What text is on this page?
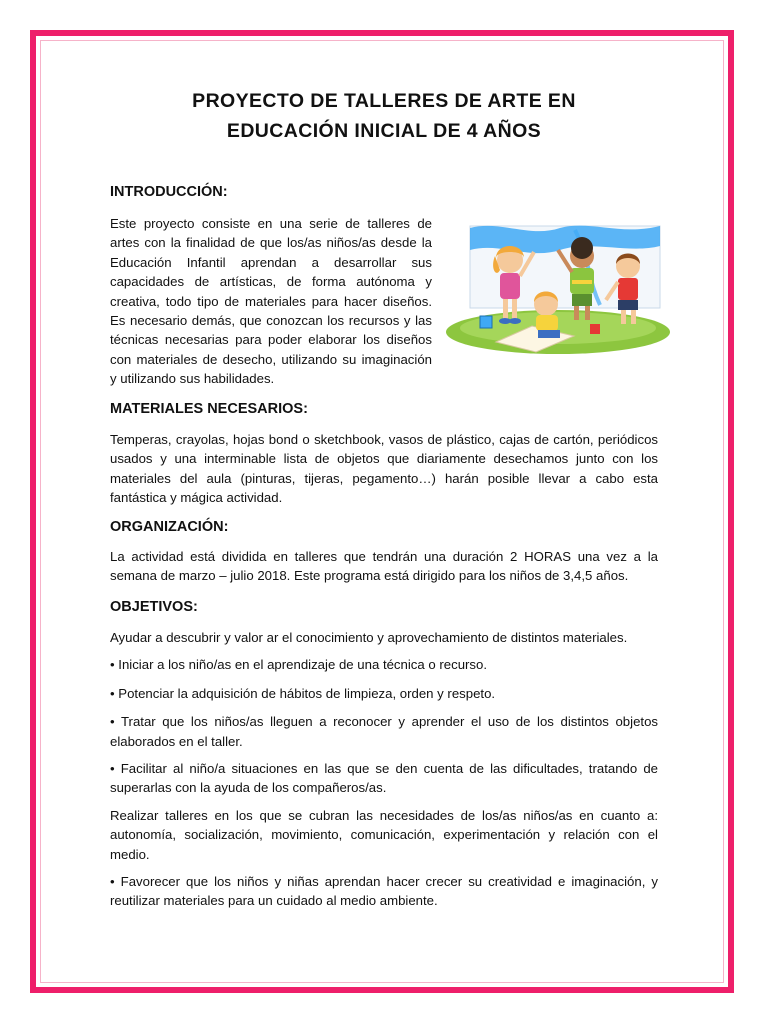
PROYECTO DE TALLERES DE ARTE EN
EDUCACIÓN INICIAL DE 4 AÑOS
INTRODUCCIÓN:

Este proyecto consiste en una serie de talleres de artes con la finalidad de que los/as niños/as desde la Educación Infantil aprendan a desarrollar sus capacidades de artísticas, de forma autónoma y creativa, todo tipo de materiales para hacer diseños. Es necesario demás, que conozcan los recursos y las técnicas necesarias para poder elaborar los diseños con materiales de desecho, utilizando su imaginación y utilizando sus habilidades.

MATERIALES NECESARIOS:

Temperas, crayolas, hojas bond o sketchbook, vasos de plástico, cajas de cartón, periódicos usados y una interminable lista de objetos que diariamente desechamos junto con los materiales del aula (pinturas, tijeras, pegamento…) harán posible llevar a cabo esta fantástica y mágica actividad.

ORGANIZACIÓN:

La actividad está dividida en talleres que tendrán una duración 2 HORAS una vez a la semana de marzo – julio 2018. Este programa está dirigido para los niños de 3,4,5 años.

OBJETIVOS:

Ayudar a descubrir y valor ar el conocimiento y aprovechamiento de distintos materiales.

• Iniciar a los niño/as en el aprendizaje de una técnica o recurso.

• Potenciar la adquisición de hábitos de limpieza, orden y respeto.

• Tratar que los niños/as lleguen a reconocer y aprender el uso de los distintos objetos elaborados en el taller.

• Facilitar al niño/a situaciones en las que se den cuenta de las dificultades, tratando de superarlas con la ayuda de los compañeros/as.

Realizar talleres en los que se cubran las necesidades de los/as niños/as en cuanto a: autonomía, socialización, movimiento, comunicación, experimentación y relación con el medio.

• Favorecer que los niños y niñas aprendan hacer crecer su creatividad e imaginación, y reutilizar materiales para un cuidado al medio ambiente.
